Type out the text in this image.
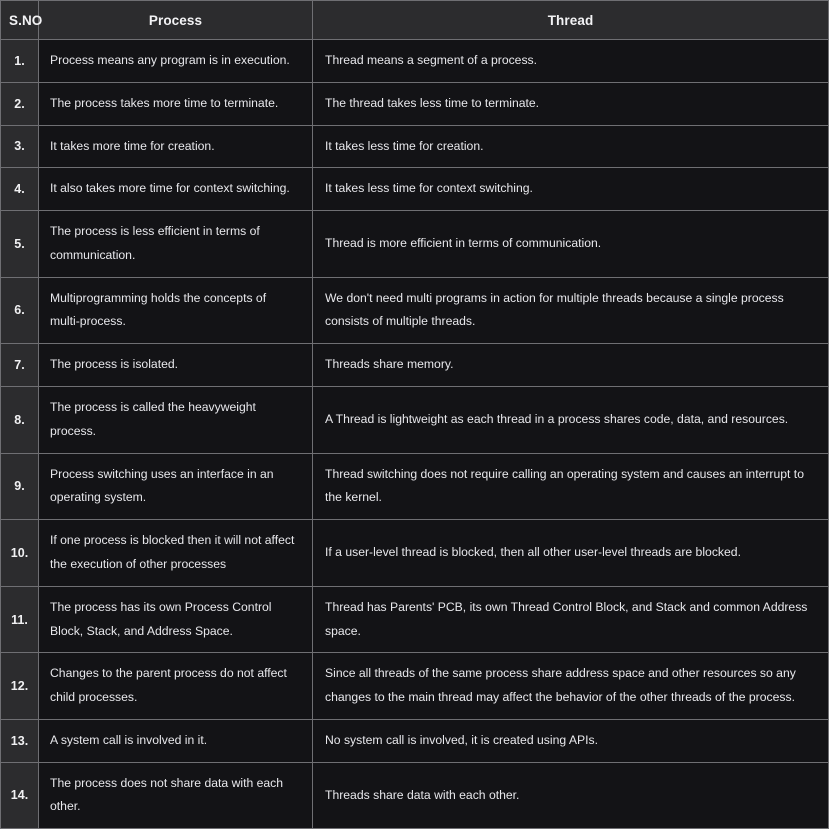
S.NO	Process	Thread
1.	Process means any program is in execution.	Thread means a segment of a process.
2.	The process takes more time to terminate.	The thread takes less time to terminate.
3.	It takes more time for creation.	It takes less time for creation.
4.	It also takes more time for context switching.	It takes less time for context switching.
5.	The process is less efficient in terms of communication.	Thread is more efficient in terms of communication.
6.	Multiprogramming holds the concepts of multi-process.	We don't need multi programs in action for multiple threads because a single process consists of multiple threads.
7.	The process is isolated.	Threads share memory.
8.	The process is called the heavyweight process.	A Thread is lightweight as each thread in a process shares code, data, and resources.
9.	Process switching uses an interface in an operating system.	Thread switching does not require calling an operating system and causes an interrupt to the kernel.
10.	If one process is blocked then it will not affect the execution of other processes	If a user-level thread is blocked, then all other user-level threads are blocked.
11.	The process has its own Process Control Block, Stack, and Address Space.	Thread has Parents' PCB, its own Thread Control Block, and Stack and common Address space.
12.	Changes to the parent process do not affect child processes.	Since all threads of the same process share address space and other resources so any changes to the main thread may affect the behavior of the other threads of the process.
13.	A system call is involved in it.	No system call is involved, it is created using APIs.
14.	The process does not share data with each other.	Threads share data with each other.
